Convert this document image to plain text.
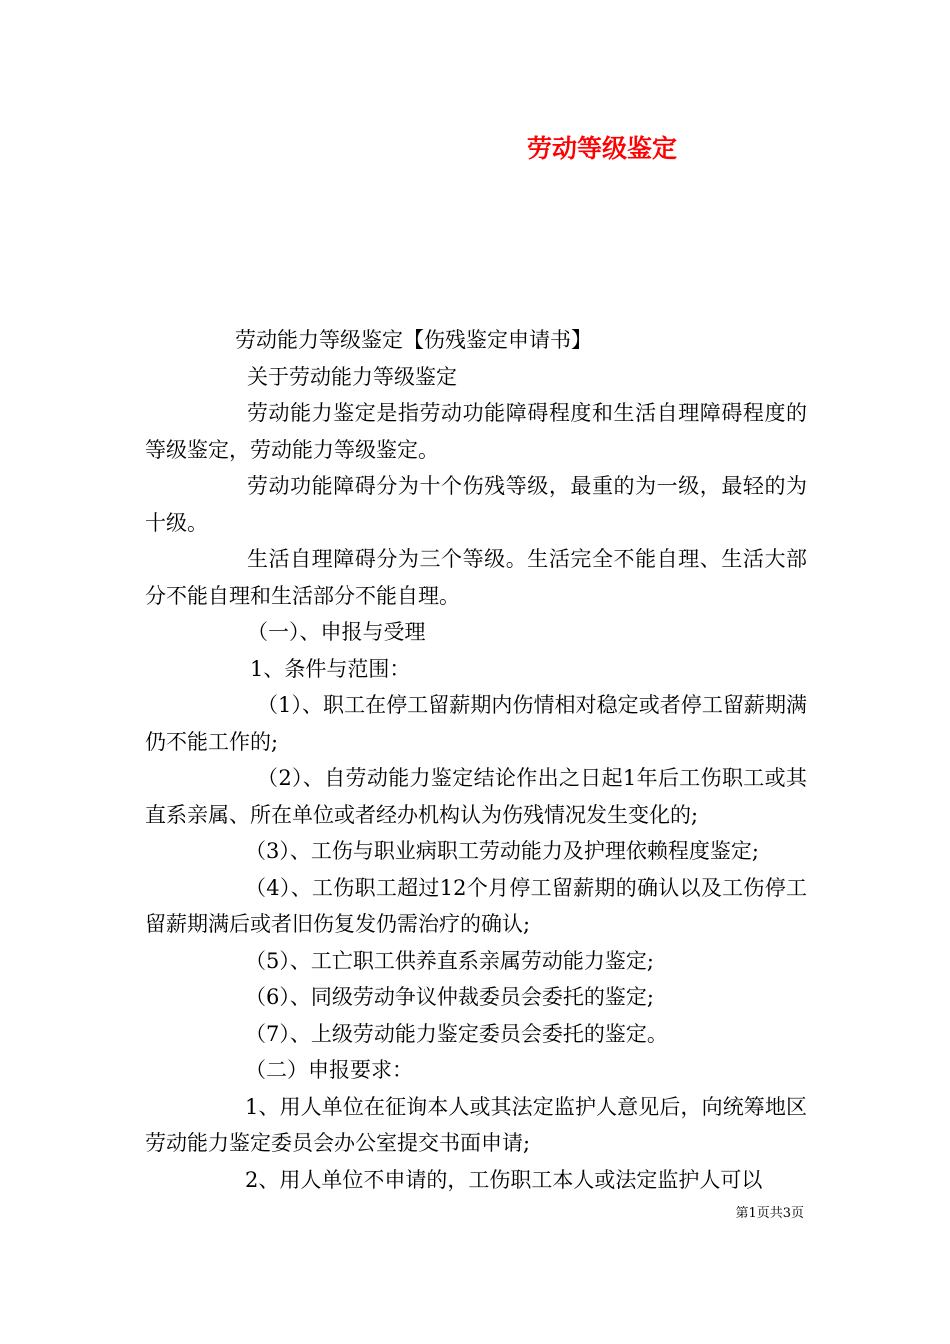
劳动等级鉴定

劳动能力等级鉴定【伤残鉴定申请书】

关于劳动能力等级鉴定

劳动能力鉴定是指劳动功能障碍程度和生活自理障碍程度的等级鉴定，劳动能力等级鉴定。

劳动功能障碍分为十个伤残等级，最重的为一级，最轻的为十级。

生活自理障碍分为三个等级。生活完全不能自理、生活大部分不能自理和生活部分不能自理。

（一）、申报与受理

1、条件与范围：

（1）、职工在停工留薪期内伤情相对稳定或者停工留薪期满仍不能工作的;

（2）、自劳动能力鉴定结论作出之日起1年后工伤职工或其直系亲属、所在单位或者经办机构认为伤残情况发生变化的;

（3）、工伤与职业病职工劳动能力及护理依赖程度鉴定;

（4）、工伤职工超过12个月停工留薪期的确认以及工伤停工留薪期满后或者旧伤复发仍需治疗的确认;

（5）、工亡职工供养直系亲属劳动能力鉴定;

（6）、同级劳动争议仲裁委员会委托的鉴定;

（7）、上级劳动能力鉴定委员会委托的鉴定。

（二）申报要求：

1、用人单位在征询本人或其法定监护人意见后，向统筹地区劳动能力鉴定委员会办公室提交书面申请;

2、用人单位不申请的，工伤职工本人或法定监护人可以

第1页共3页
